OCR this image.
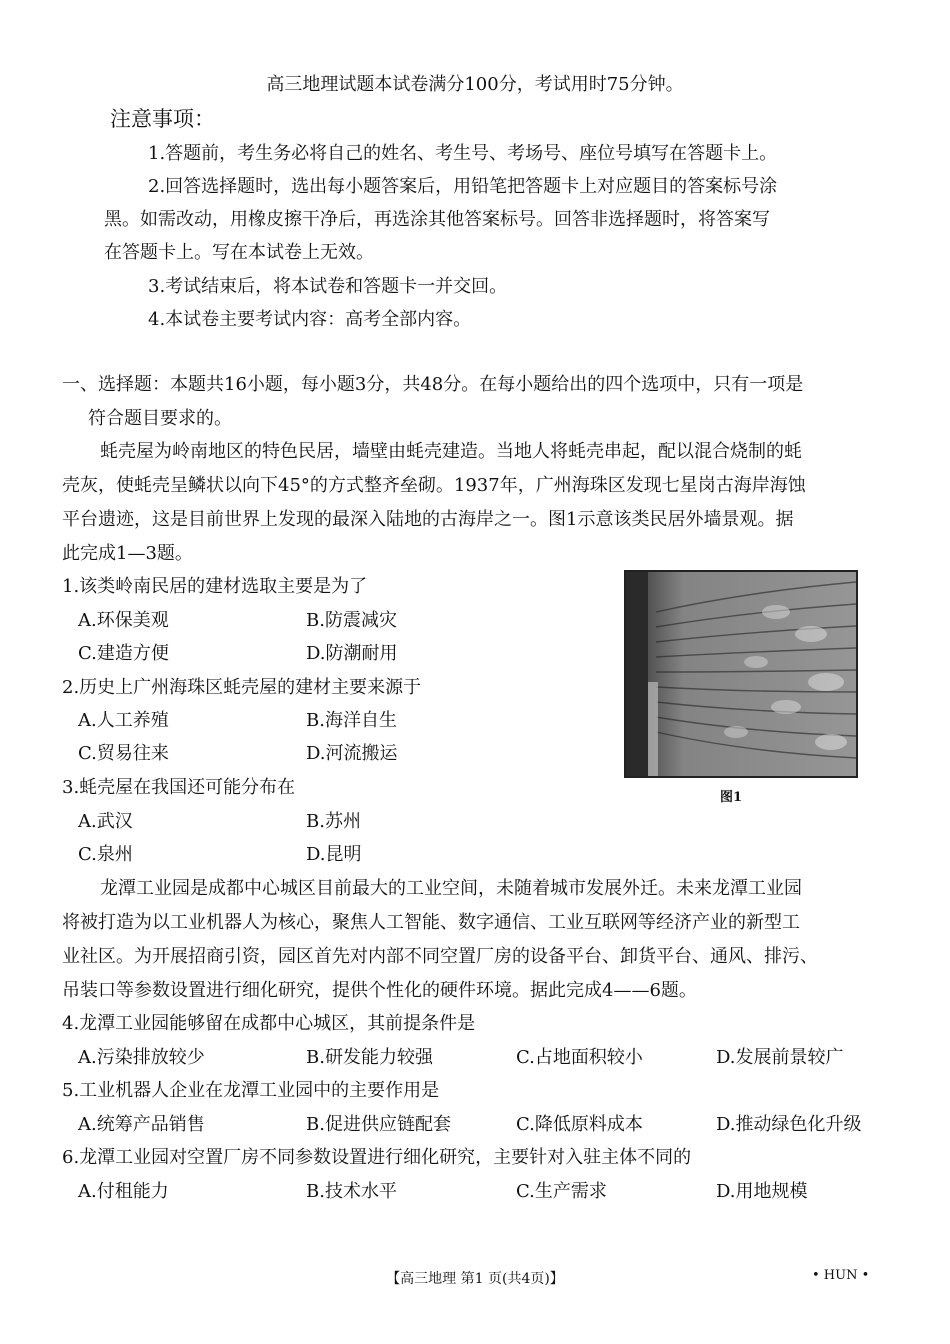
高三地理试题本试卷满分100分，考试用时75分钟。
注意事项：
1.答题前，考生务必将自己的姓名、考生号、考场号、座位号填写在答题卡上。
2.回答选择题时，选出每小题答案后，用铅笔把答题卡上对应题目的答案标号涂
黑。如需改动，用橡皮擦干净后，再选涂其他答案标号。回答非选择题时，将答案写
在答题卡上。写在本试卷上无效。
3.考试结束后，将本试卷和答题卡一并交回。
4.本试卷主要考试内容：高考全部内容。
一、选择题：本题共16小题，每小题3分，共48分。在每小题给出的四个选项中，只有一项是
符合题目要求的。
蚝壳屋为岭南地区的特色民居，墙壁由蚝壳建造。当地人将蚝壳串起，配以混合烧制的蚝
壳灰，使蚝壳呈鳞状以向下45°的方式整齐垒砌。1937年，广州海珠区发现七星岗古海岸海蚀
平台遗迹，这是目前世界上发现的最深入陆地的古海岸之一。图1示意该类民居外墙景观。据
此完成1—3题。
1.该类岭南民居的建材选取主要是为了
A.环保美观	B.防震减灾
C.建造方便	D.防潮耐用
2.历史上广州海珠区蚝壳屋的建材主要来源于
A.人工养殖	B.海洋自生
C.贸易往来	D.河流搬运
3.蚝壳屋在我国还可能分布在
A.武汉	B.苏州
C.泉州	D.昆明
图1
龙潭工业园是成都中心城区目前最大的工业空间，未随着城市发展外迁。未来龙潭工业园
将被打造为以工业机器人为核心，聚焦人工智能、数字通信、工业互联网等经济产业的新型工
业社区。为开展招商引资，园区首先对内部不同空置厂房的设备平台、卸货平台、通风、排污、
吊装口等参数设置进行细化研究，提供个性化的硬件环境。据此完成4——6题。
4.龙潭工业园能够留在成都中心城区，其前提条件是
A.污染排放较少	B.研发能力较强	C.占地面积较小	D.发展前景较广
5.工业机器人企业在龙潭工业园中的主要作用是
A.统筹产品销售	B.促进供应链配套	C.降低原料成本	D.推动绿色化升级
6.龙潭工业园对空置厂房不同参数设置进行细化研究，主要针对入驻主体不同的
A.付租能力	B.技术水平	C.生产需求	D.用地规模
【高三地理 第1 页(共4页)】	• HUN •
